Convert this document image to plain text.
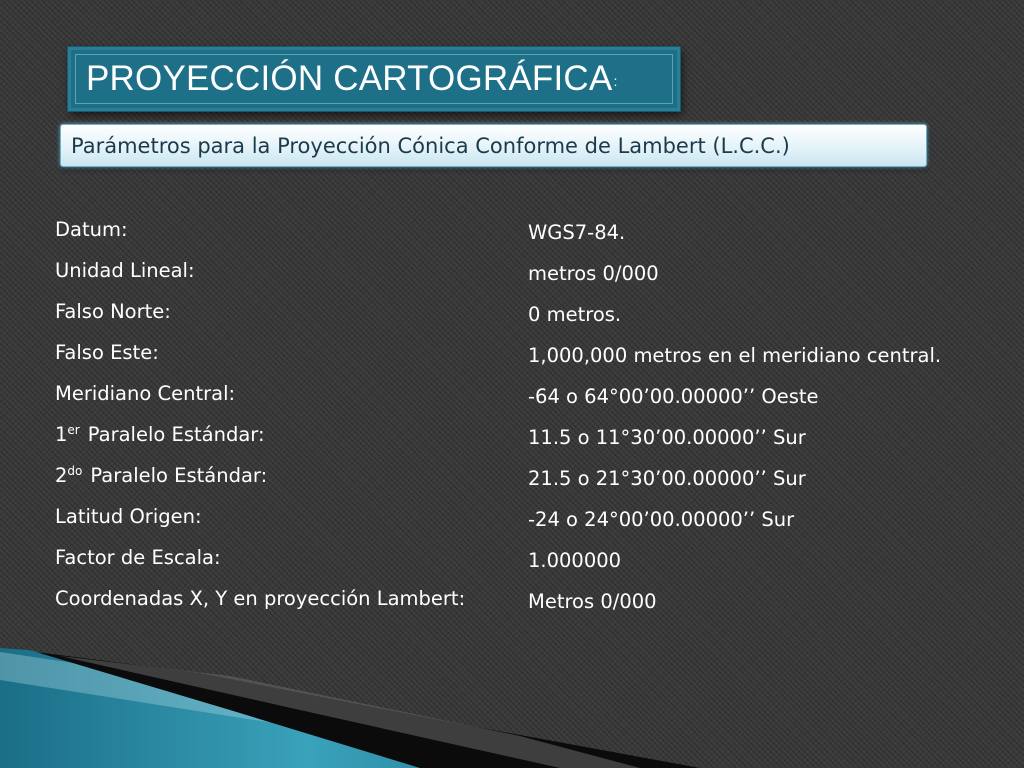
PROYECCIÓN CARTOGRÁFICA :
Parámetros para la Proyección Cónica Conforme de Lambert (L.C.C.)
Datum:	WGS7-84.
Unidad Lineal:	metros 0/000
Falso Norte:	0 metros.
Falso Este:	1,000,000 metros en el meridiano central.
Meridiano Central:	-64 o 64°00’00.00000’’ Oeste
1er Paralelo Estándar:	11.5 o 11°30’00.00000’’ Sur
$2^{do}$ Paralelo Estándar:	21.5 o 21°30’00.00000’’ Sur
Latitud Origen:	-24 o 24°00’00.00000’’ Sur
Factor de Escala:	1.000000
Coordenadas X, Y en proyección Lambert:	Metros 0/000
